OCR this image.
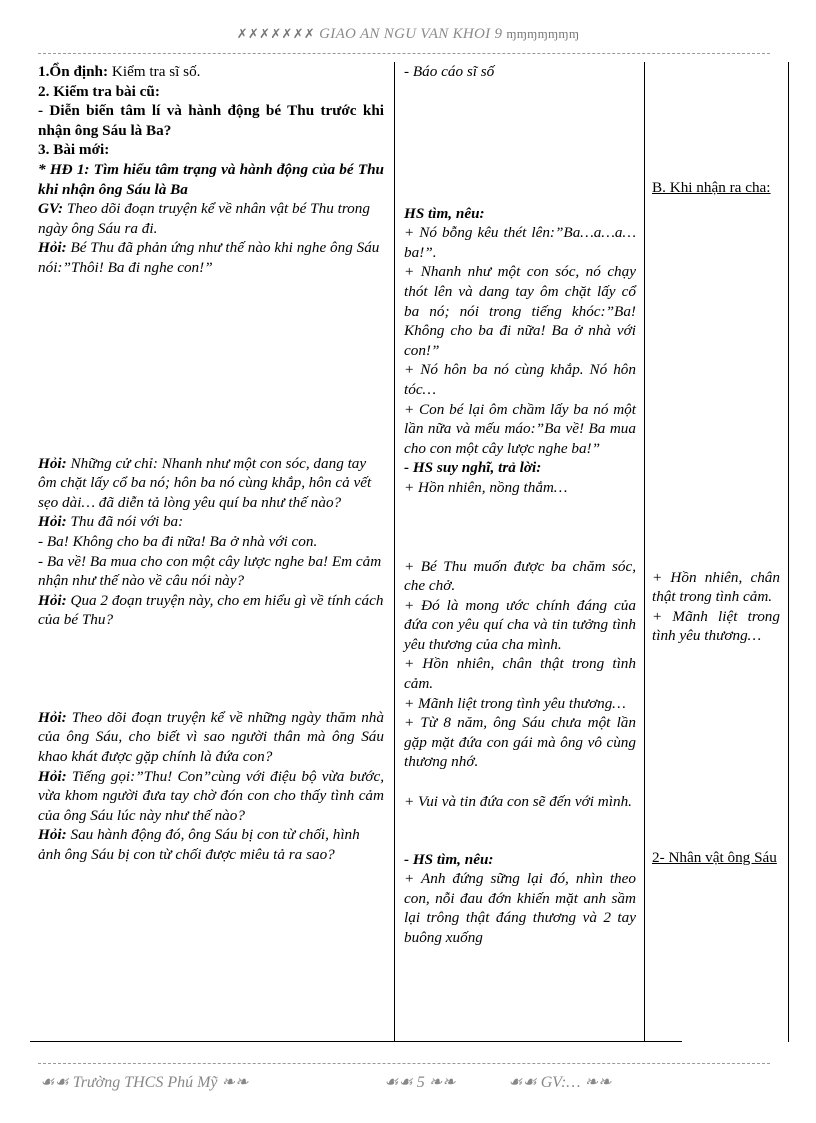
✗✗✗✗✗✗✗ GIAO AN NGU VAN KHOI 9 ɱɱɱɱɱɱɱ
1.Ổn định: Kiểm tra sĩ số.
2. Kiểm tra bài cũ:
- Diễn biến tâm lí và hành động bé Thu trước khi nhận ông Sáu là Ba?
3. Bài mới:
* HĐ 1: Tìm hiểu tâm trạng và hành động của bé Thu khi nhận ông Sáu là Ba
GV: Theo dõi đoạn truyện kể về nhân vật bé Thu trong ngày ông Sáu ra đi.
Hỏi: Bé Thu đã phản ứng như thế nào khi nghe ông Sáu nói:”Thôi! Ba đi nghe con!”
Hỏi: Những cử chỉ: Nhanh như một con sóc, dang tay ôm chặt lấy cổ ba nó; hôn ba nó cùng khắp, hôn cả vết sẹo dài… đã diễn tả lòng yêu quí ba như thế nào?
Hỏi: Thu đã nói với ba:
- Ba! Không cho ba đi nữa! Ba ở nhà với con.
- Ba về! Ba mua cho con một cây lược nghe ba! Em cảm nhận như thế nào về câu nói này?
Hỏi: Qua 2 đoạn truyện này, cho em hiểu gì về tính cách của bé Thu?
Hỏi: Theo dõi đoạn truyện kể về những ngày thăm nhà của ông Sáu, cho biết vì sao người thân mà ông Sáu khao khát được gặp chính là đứa con?
Hỏi: Tiếng gọi:”Thu! Con”cùng với điệu bộ vừa bước, vừa khom người đưa tay chờ đón con cho thấy tình cảm của ông Sáu lúc này như thế nào?
Hỏi: Sau hành động đó, ông Sáu bị con từ chối, hình ảnh ông Sáu bị con từ chối được miêu tả ra sao?
- Báo cáo sĩ số
HS tìm, nêu:
+ Nó bỗng kêu thét lên:”Ba…a…a…ba!”.
+ Nhanh như một con sóc, nó chạy thót lên và dang tay ôm chặt lấy cổ ba nó; nói trong tiếng khóc:”Ba! Không cho ba đi nữa! Ba ở nhà với con!”
+ Nó hôn ba nó cùng khắp. Nó hôn tóc…
+ Con bé lại ôm chầm lấy ba nó một lần nữa và mếu máo:”Ba về! Ba mua cho con một cây lược nghe ba!”
- HS suy nghĩ, trả lời:
+ Hồn nhiên, nồng thắm…
+ Bé Thu muốn được ba chăm sóc, che chở.
+ Đó là mong ước chính đáng của đứa con yêu quí cha và tin tưởng tình yêu thương của cha mình.
+ Hồn nhiên, chân thật trong tình cảm.
+ Mãnh liệt trong tình yêu thương…
+ Từ 8 năm, ông Sáu chưa một lần gặp mặt đứa con gái mà ông vô cùng thương nhớ.
+ Vui và tin đứa con sẽ đến với mình.
- HS tìm, nêu:
+ Anh đứng sững lại đó, nhìn theo con, nỗi đau đớn khiến mặt anh sầm lại trông thật đáng thương và 2 tay buông xuống
B. Khi nhận ra cha:
+ Hồn nhiên, chân thật trong tình cảm.
+ Mãnh liệt trong tình yêu thương…
2- Nhân vật ông Sáu
☙☙ Trường THCS Phú Mỹ ❧❧	☙☙ 5 ❧❧	☙☙ GV:… ❧❧
